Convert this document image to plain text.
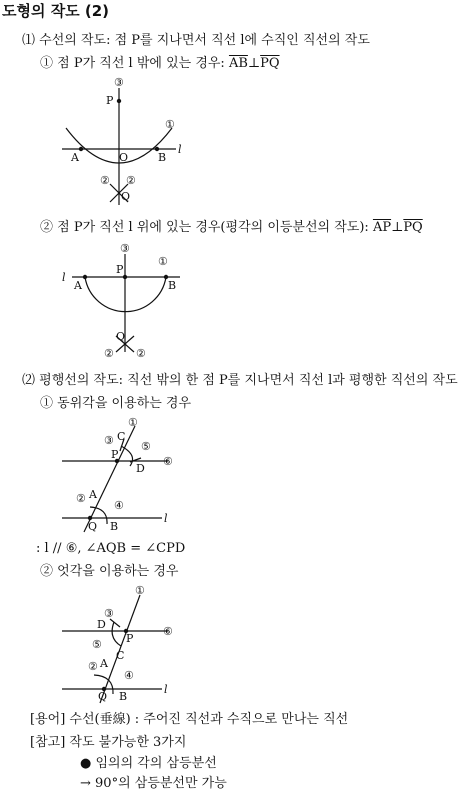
도형의 작도 (2)
⑴ 수선의 작도: 점 P를 지나면서 직선 l에 수직인 직선의 작도
① 점 P가 직선 l 밖에 있는 경우: $\overline{AB}\perp\overline{PQ}$
② 점 P가 직선 l 위에 있는 경우(평각의 이등분선의 작도): $\overline{AP}\perp\overline{PQ}$
⑵ 평행선의 작도: 직선 밖의 한 점 P를 지나면서 직선 l과 평행한 직선의 작도
① 동위각을 이용하는 경우
: l // ⑥, ∠AQB = ∠CPD
② 엇각을 이용하는 경우
[용어] 수선(垂線) : 주어진 직선과 수직으로 만나는 직선
[참고] 작도 불가능한 3가지
● 임의의 각의 삼등분선
→ 90°의 삼등분선만 가능
③
P
①
A	O	B
l
② ②
Q
③
l
P
①
A	B
Q
② ②
①
③ C
⑤
P
D
⑥
② A
④
Q B
l
①
③
D
P
⑥
⑤
C
② A
④
Q B
l
